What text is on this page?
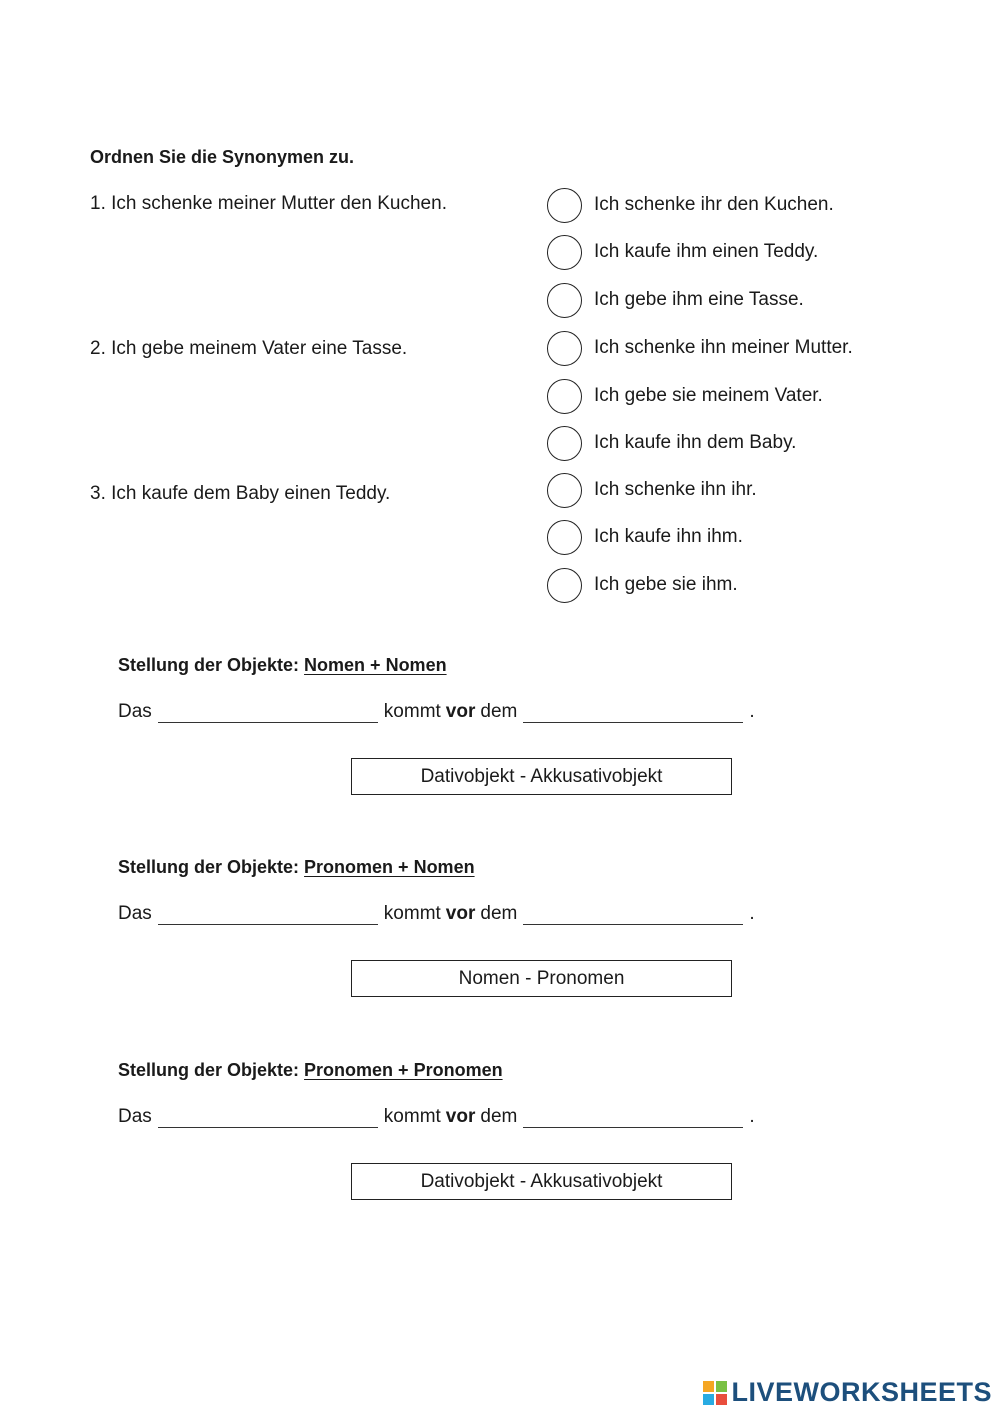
Ordnen Sie die Synonymen zu.
1. Ich schenke meiner Mutter den Kuchen.
2. Ich gebe meinem Vater eine Tasse.
3. Ich kaufe dem Baby einen Teddy.
Ich schenke ihr den Kuchen.
Ich kaufe ihm einen Teddy.
Ich gebe ihm eine Tasse.
Ich schenke ihn meiner Mutter.
Ich gebe sie meinem Vater.
Ich kaufe ihn dem Baby.
Ich schenke ihn ihr.
Ich kaufe ihn ihm.
Ich gebe sie ihm.
Stellung der Objekte: Nomen + Nomen
Das	kommt vor dem	.
Dativobjekt - Akkusativobjekt
Stellung der Objekte: Pronomen + Nomen
Das	kommt vor dem	.
Nomen - Pronomen
Stellung der Objekte: Pronomen + Pronomen
Das	kommt vor dem	.
Dativobjekt - Akkusativobjekt
LIVEWORKSHEETS
